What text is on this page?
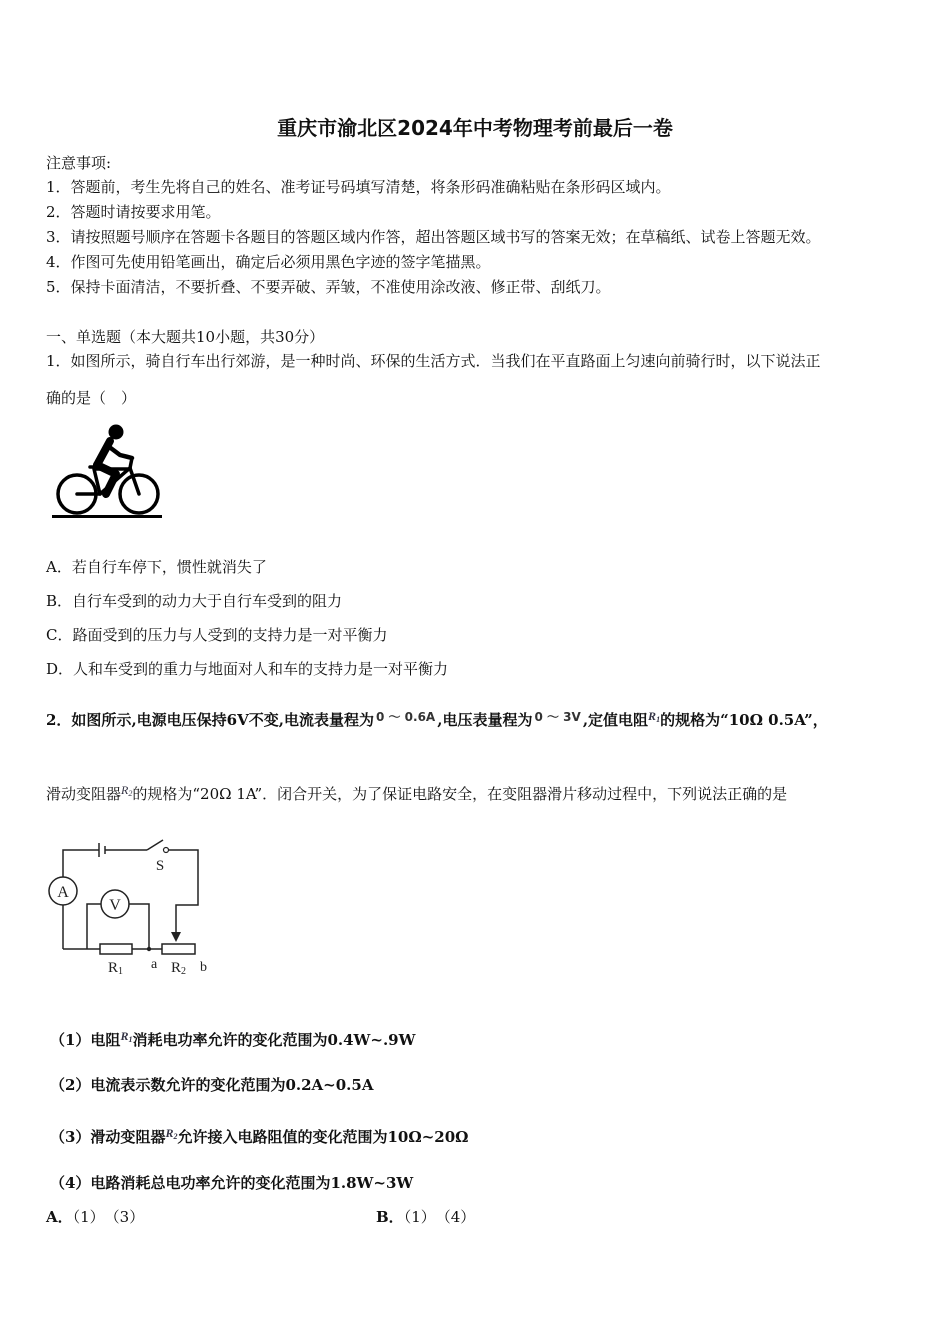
重庆市渝北区2024年中考物理考前最后一卷
注意事项:
1．答题前，考生先将自己的姓名、准考证号码填写清楚，将条形码准确粘贴在条形码区域内。
2．答题时请按要求用笔。
3．请按照题号顺序在答题卡各题目的答题区域内作答，超出答题区域书写的答案无效；在草稿纸、试卷上答题无效。
4．作图可先使用铅笔画出，确定后必须用黑色字迹的签字笔描黑。
5．保持卡面清洁，不要折叠、不要弄破、弄皱，不准使用涂改液、修正带、刮纸刀。
一、单选题（本大题共10小题，共30分）
1．如图所示，骑自行车出行郊游，是一种时尚、环保的生活方式．当我们在平直路面上匀速向前骑行时，以下说法正
确的是（　）
A．若自行车停下，惯性就消失了
B．自行车受到的动力大于自行车受到的阻力
C．路面受到的压力与人受到的支持力是一对平衡力
D．人和车受到的重力与地面对人和车的支持力是一对平衡力
2．如图所示,电源电压保持6V不变,电流表量程为 $^{0 \sim 0.6A}$ ,电压表量程为 $^{0 \sim 3V}$ ,定值电阻$^{R_1}$的规格为“10Ω 0.5A”，
滑动变阻器$^{R_2}$的规格为“20Ω 1A”．闭合开关，为了保证电路安全，在变阻器滑片移动过程中，下列说法正确的是
A
V
S
R1 a R2 b
（1）电阻$^{R_1}$消耗电功率允许的变化范围为0.4W~.9W
（2）电流表示数允许的变化范围为0.2A~0.5A
（3）滑动变阻器$^{R_2}$允许接入电路阻值的变化范围为10Ω~20Ω
（4）电路消耗总电功率允许的变化范围为1.8W~3W
A．（1）　（3）	B．（1）　（4）
